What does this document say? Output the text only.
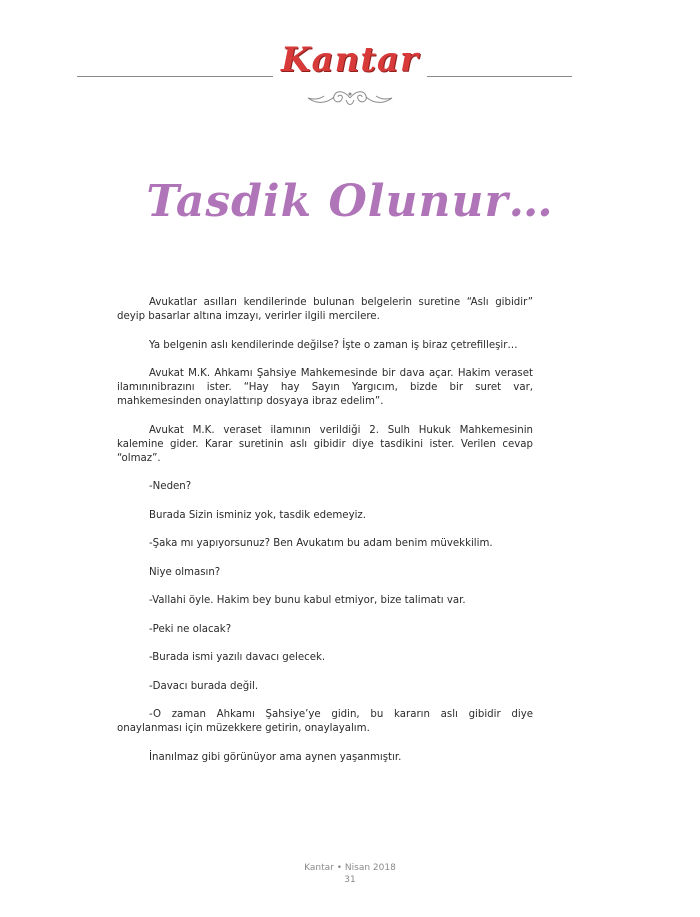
Kantar
Tasdik Olunur…

Avukatlar asılları kendilerinde bulunan belgelerin suretine “Aslı gibidir” deyip basarlar altına imzayı, verirler ilgili mercilere.

Ya belgenin aslı kendilerinde değilse? İşte o zaman iş biraz çetrefilleşir…

Avukat M.K. Ahkamı Şahsiye Mahkemesinde bir dava açar. Hakim veraset ilamınınibrazını ister. “Hay hay Sayın Yargıcım, bizde bir suret var, mahkemesinden onaylattırıp dosyaya ibraz edelim”.

Avukat M.K. veraset ilamının verildiği 2. Sulh Hukuk Mahkemesinin kalemine gider. Karar suretinin aslı gibidir diye tasdikini ister. Verilen cevap “olmaz”.

-Neden?

Burada Sizin isminiz yok, tasdik edemeyiz.

-Şaka mı yapıyorsunuz? Ben Avukatım bu adam benim müvekkilim.

Niye olmasın?

-Vallahi öyle. Hakim bey bunu kabul etmiyor, bize talimatı var.

-Peki ne olacak?

-Burada ismi yazılı davacı gelecek.

-Davacı burada değil.

-O zaman Ahkamı Şahsiye’ye gidin, bu kararın aslı gibidir diye onaylanması için müzekkere getirin, onaylayalım.

İnanılmaz gibi görünüyor ama aynen yaşanmıştır.

Kantar • Nisan 2018
31
